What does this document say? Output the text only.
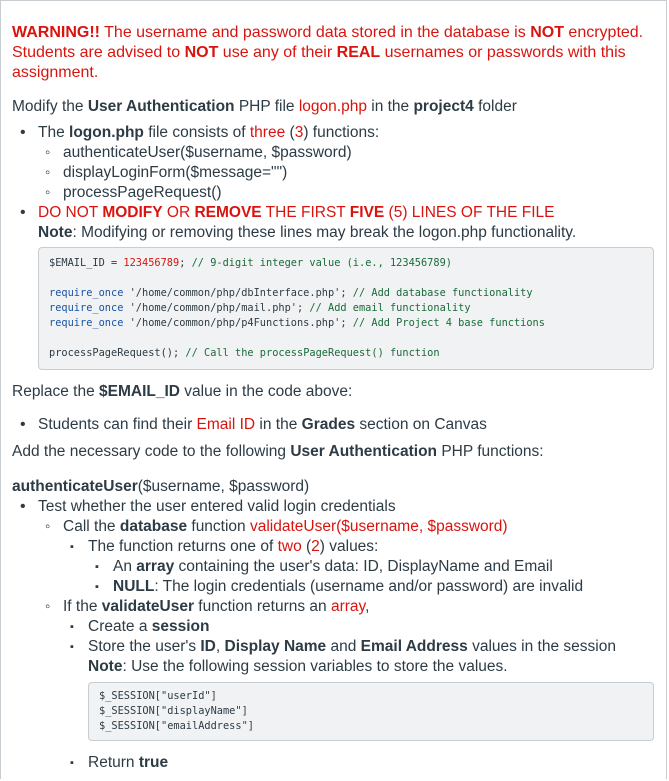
WARNING!! The username and password data stored in the database is NOT encrypted. Students are advised to NOT use any of their REAL usernames or passwords with this assignment.

Modify the User Authentication PHP file logon.php in the project4 folder

• The logon.php file consists of three (3) functions:
◦ authenticateUser($username, $password)
◦ displayLoginForm($message="")
◦ processPageRequest()
• DO NOT MODIFY OR REMOVE THE FIRST FIVE (5) LINES OF THE FILE

Note: Modifying or removing these lines may break the logon.php functionality.

$EMAIL_ID = 123456789; // 9-digit integer value (i.e., 123456789)

require_once '/home/common/php/dbInterface.php'; // Add database functionality
require_once '/home/common/php/mail.php'; // Add email functionality
require_once '/home/common/php/p4Functions.php'; // Add Project 4 base functions

processPageRequest(); // Call the processPageRequest() function

Replace the $EMAIL_ID value in the code above:

• Students can find their Email ID in the Grades section on Canvas

Add the necessary code to the following User Authentication PHP functions:

authenticateUser($username, $password)

• Test whether the user entered valid login credentials
◦ Call the database function validateUser($username, $password)
▪ The function returns one of two (2) values:
▪ An array containing the user's data: ID, DisplayName and Email
▪ NULL: The login credentials (username and/or password) are invalid
◦ If the validateUser function returns an array,
▪ Create a session
▪ Store the user's ID, Display Name and Email Address values in the session

Note: Use the following session variables to store the values.

$_SESSION["userId"]
$_SESSION["displayName"]
$_SESSION["emailAddress"]

▪ Return true
